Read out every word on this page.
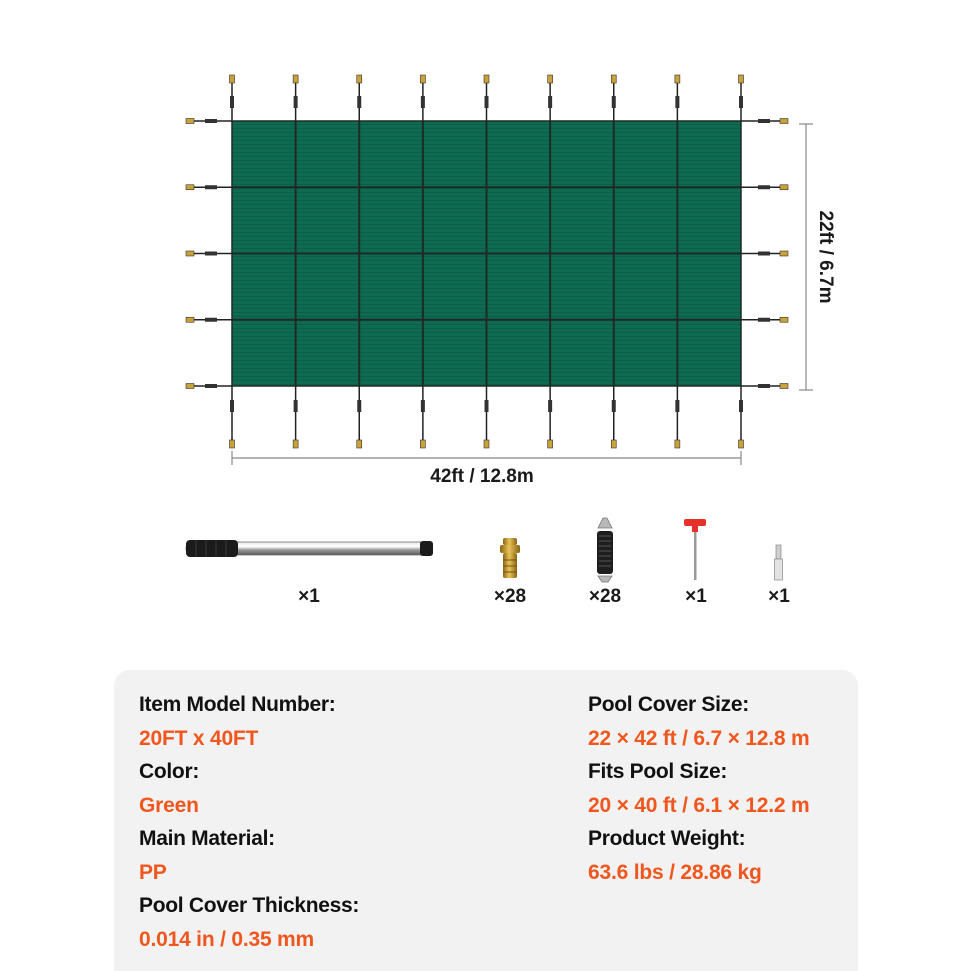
42ft / 12.8m
22ft / 6.7m
×1	×28	×28	×1	×1
Item Model Number:
20FT x 40FT
Color:
Green
Main Material:
PP
Pool Cover Thickness:
0.014 in / 0.35 mm
Pool Cover Size:
22 × 42 ft / 6.7 × 12.8 m
Fits Pool Size:
20 × 40 ft / 6.1 × 12.2 m
Product Weight:
63.6 lbs / 28.86 kg
